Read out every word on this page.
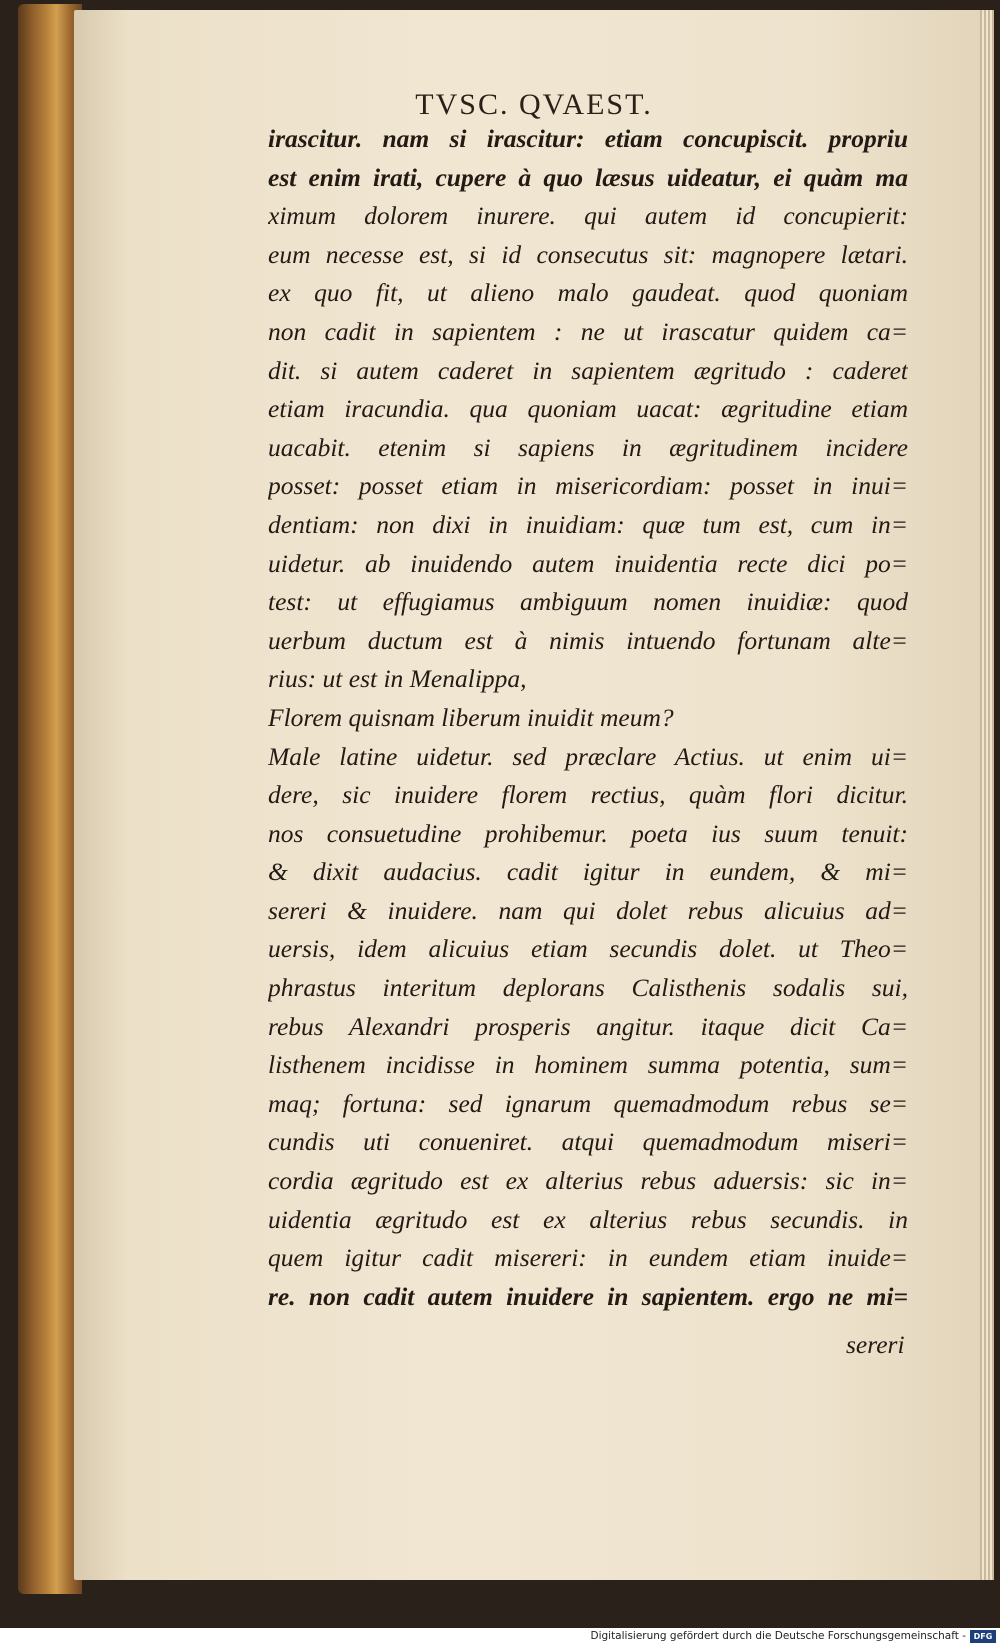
TVSC. QVAEST.
irascitur. nam si irascitur: etiam concupiscit. propriu
est enim irati, cupere à quo læsus uideatur, ei quàm ma
ximum dolorem inurere. qui autem id concupierit:
eum necesse est, si id consecutus sit: magnopere lætari.
ex quo fit, ut alieno malo gaudeat. quod quoniam
non cadit in sapientem : ne ut irascatur quidem ca=
dit. si autem caderet in sapientem ægritudo : caderet
etiam iracundia. qua quoniam uacat: ægritudine etiam
uacabit. etenim si sapiens in ægritudinem incidere
posset: posset etiam in misericordiam: posset in inui=
dentiam: non dixi in inuidiam: quæ tum est, cum in=
uidetur. ab inuidendo autem inuidentia recte dici po=
test: ut effugiamus ambiguum nomen inuidiæ: quod
uerbum ductum est à nimis intuendo fortunam alte=
rius: ut est in Menalippa,
Florem quisnam liberum inuidit meum?
Male latine uidetur. sed præclare Actius. ut enim ui=
dere, sic inuidere florem rectius, quàm flori dicitur.
nos consuetudine prohibemur. poeta ius suum tenuit:
& dixit audacius. cadit igitur in eundem, & mi=
sereri & inuidere. nam qui dolet rebus alicuius ad=
uersis, idem alicuius etiam secundis dolet. ut Theo=
phrastus interitum deplorans Calisthenis sodalis sui,
rebus Alexandri prosperis angitur. itaque dicit Ca=
listhenem incidisse in hominem summa potentia, sum=
maq; fortuna: sed ignarum quemadmodum rebus se=
cundis uti conueniret. atqui quemadmodum miseri=
cordia ægritudo est ex alterius rebus aduersis: sic in=
uidentia ægritudo est ex alterius rebus secundis. in
quem igitur cadit misereri: in eundem etiam inuide=
re. non cadit autem inuidere in sapientem. ergo ne mi=
sereri
Digitalisierung gefördert durch die Deutsche Forschungsgemeinschaft - DFG
